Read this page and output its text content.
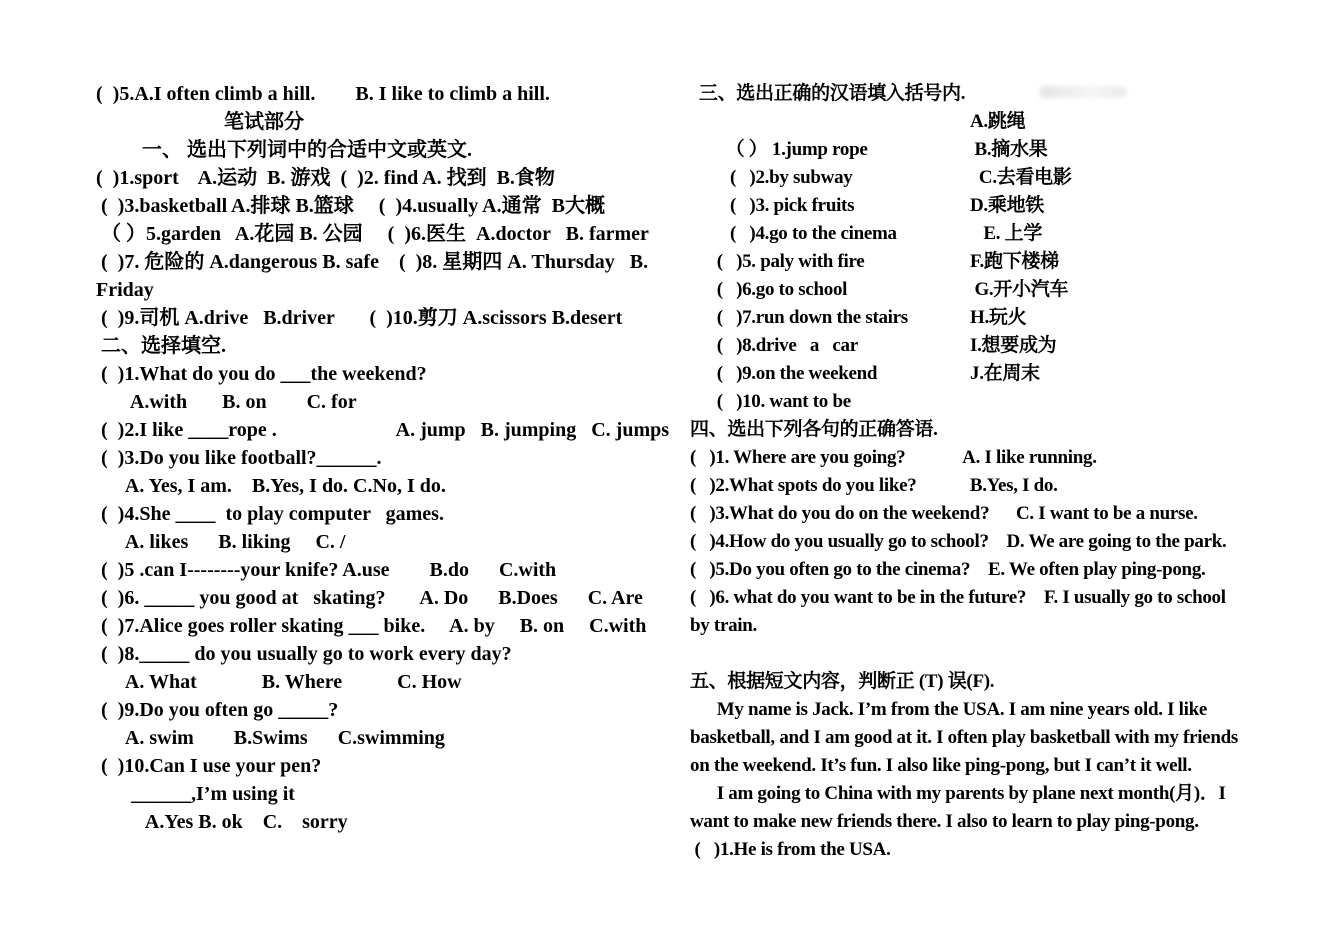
(  )5.A.I often climb a hill.        B. I like to climb a hill.
笔试部分
一、 选出下列词中的合适中文或英文.
(  )1.sport    A.运动  B. 游戏  (  )2. find A. 找到  B.食物
(  )3.basketball A.排球 B.篮球     (  )4.usually A.通常  B大概
（ ）5.garden   A.花园 B. 公园     (  )6.医生  A.doctor   B. farmer
(  )7. 危险的 A.dangerous B. safe    (  )8. 星期四 A. Thursday   B.
Friday
(  )9.司机 A.drive   B.driver       (  )10.剪刀 A.scissors B.desert
二、选择填空.
(  )1.What do you do ___the weekend?
A.with       B. on        C. for
(  )2.I like ____rope .                        A. jump   B. jumping   C. jumps
(  )3.Do you like football?______.
A. Yes, I am.    B.Yes, I do. C.No, I do.
(  )4.She ____  to play computer   games.
A. likes      B. liking     C. /
(  )5 .can I--------your knife? A.use        B.do      C.with
(  )6. _____ you good at   skating?       A. Do      B.Does      C. Are
(  )7.Alice goes roller skating ___ bike.     A. by     B. on     C.with
(  )8._____ do you usually go to work every day?
A. What             B. Where           C. How
(  )9.Do you often go _____?
A. swim        B.Swims      C.swimming
(  )10.Can I use your pen?
______,I’m using it
A.Yes B. ok    C.    sorry
三、选出正确的汉语填入括号内.

（ ） 1.jump rope

A.跳绳

(   )2.by subway

B.摘水果

(   )3. pick fruits

C.去看电影

(   )4.go to the cinema

D.乘地铁

(   )5. paly with fire

E. 上学

(   )6.go to school

F.跑下楼梯

(   )7.run down the stairs

G.开小汽车

(   )8.drive   a   car

H.玩火

(   )9.on the weekend

I.想要成为

(   )10. want to be

J.在周末

四、选出下列各句的正确答语.
(   )1. Where are you going?             A. I like running.
(   )2.What spots do you like?            B.Yes, I do.
(   )3.What do you do on the weekend?      C. I want to be a nurse.
(   )4.How do you usually go to school?    D. We are going to the park.
(   )5.Do you often go to the cinema?    E. We often play ping-pong.
(   )6. what do you want to be in the future?    F. I usually go to school
by train.
五、根据短文内容，判断正 (T) 误(F).
My name is Jack. I’m from the USA. I am nine years old. I like
basketball, and I am good at it. I often play basketball with my friends
on the weekend. It’s fun. I also like ping-pong, but I can’t it well.
I am going to China with my parents by plane next month(月)．I
want to make new friends there. I also to learn to play ping-pong.
(   )1.He is from the USA.
